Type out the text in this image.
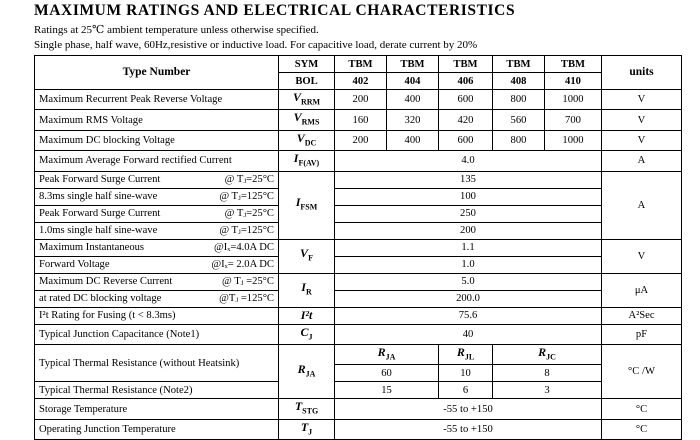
MAXIMUM RATINGS AND ELECTRICAL CHARACTERISTICS
Ratings at 25℃ ambient temperature unless otherwise specified.
Single phase, half wave, 60Hz,resistive or inductive load. For capacitive load, derate current by 20%
Type Number	SYM	TBM	TBM	TBM	TBM	TBM	units
	BOL	402	404	406	408	410	
Maximum Recurrent Peak Reverse Voltage	$V_{RRM}$	200	400	600	800	1000	V
Maximum RMS Voltage	$V_{RMS}$	160	320	420	560	700	V
Maximum DC blocking Voltage	$V_{DC}$	200	400	600	800	1000	V
Maximum Average Forward rectified Current	$I_{F(AV)}$	4.0					A

Peak Forward Surge Current @ Tⱼ=25°C	$I_{FSM}$	135					A

8.3ms single half sine-wave @ Tⱼ=125°C		100					

Peak Forward Surge Current @ Tⱼ=25°C		250					

1.0ms single half sine-wave @ Tⱼ=125°C		200					

Maximum Instantaneous @Iₓ=4.0A DC	$V_F$	1.1					V

Forward Voltage @Iₓ= 2.0A DC		1.0					

Maximum DC Reverse Current @ Tⱼ =25°C	$I_R$	5.0					μA

at rated DC blocking voltage @Tⱼ =125°C		200.0					
I²t Rating for Fusing (t < 8.3ms)	I²t	75.6					A²Sec
Typical Junction Capacitance (Note1)	$C_J$	40					pF
Typical Thermal Resistance (without Heatsink)	$R_{JA}$	$R_{JA}$		$R_{JL}$	$R_{JC}$		°C /W
		60		10	8		
Typical Thermal Resistance (Note2)		15		6	3		
Storage Temperature	$T_{STG}$	-55 to +150					°C
Operating Junction Temperature	$T_J$	-55 to +150					°C
